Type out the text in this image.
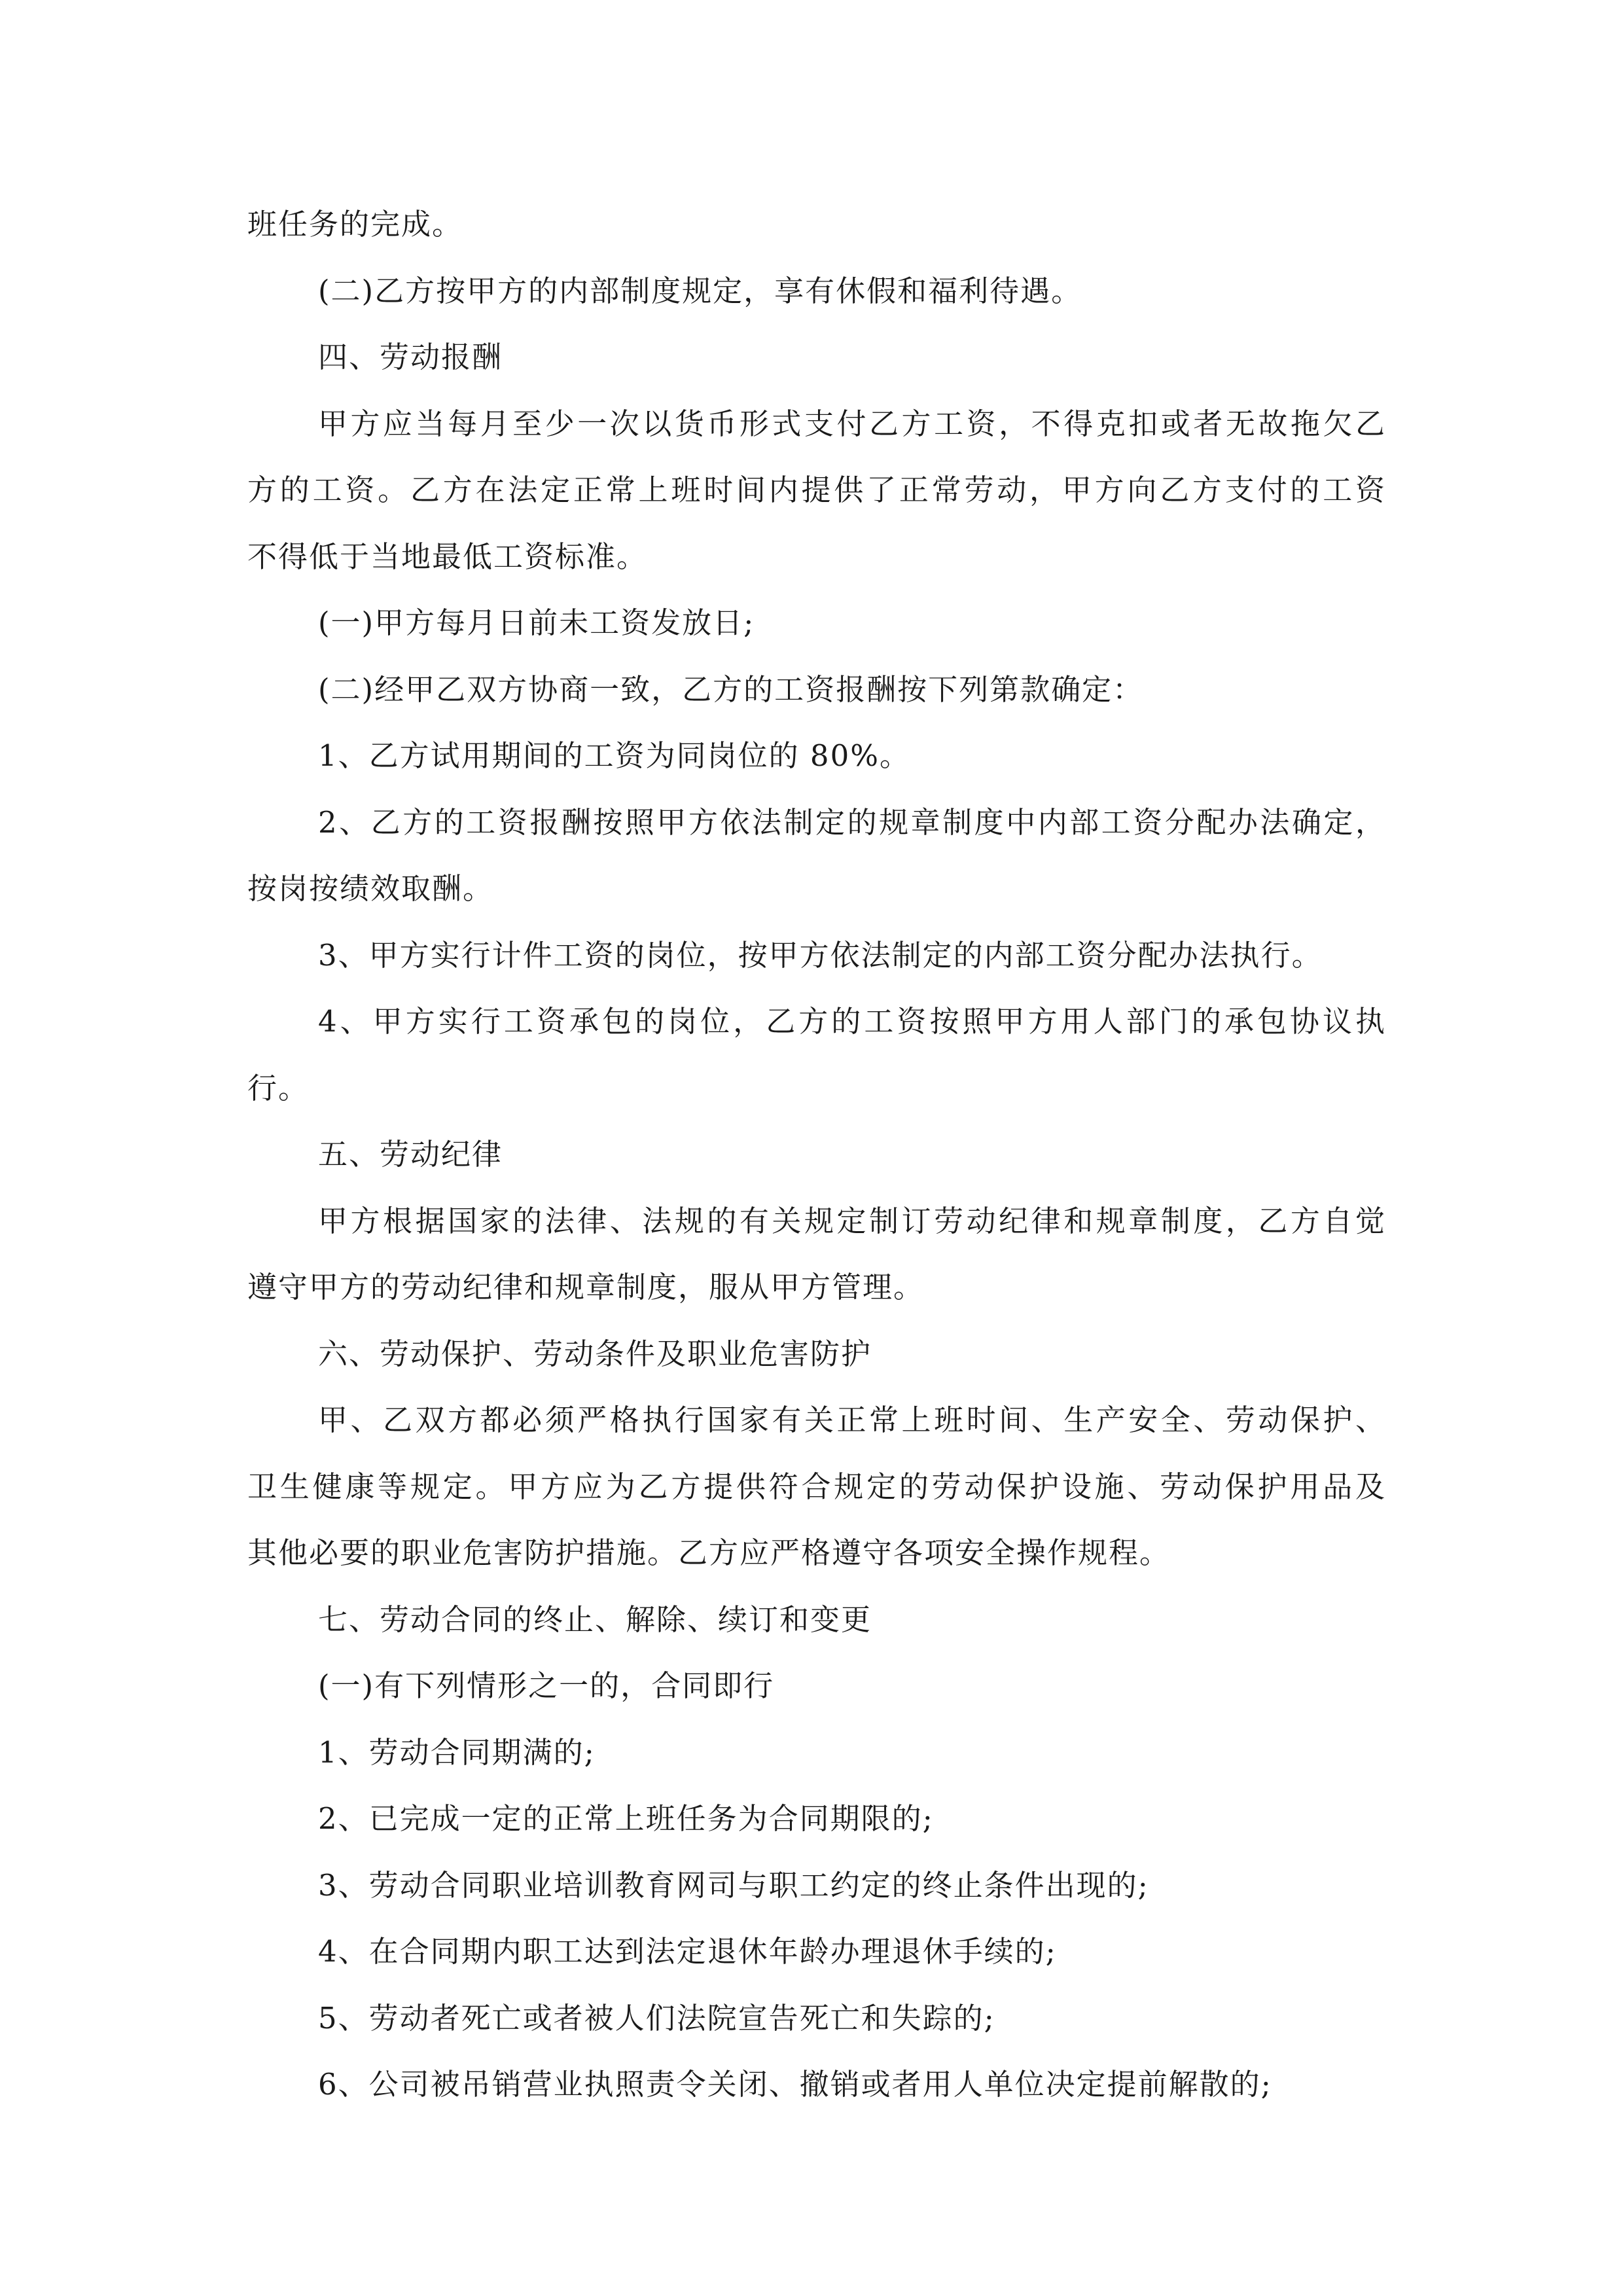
班任务的完成。
(二)乙方按甲方的内部制度规定，享有休假和福利待遇。
四、劳动报酬
甲方应当每月至少一次以货币形式支付乙方工资，不得克扣或者无故拖欠乙
方的工资。乙方在法定正常上班时间内提供了正常劳动，甲方向乙方支付的工资
不得低于当地最低工资标准。
(一)甲方每月日前未工资发放日;
(二)经甲乙双方协商一致，乙方的工资报酬按下列第款确定：
1、乙方试用期间的工资为同岗位的 80%。
2、乙方的工资报酬按照甲方依法制定的规章制度中内部工资分配办法确定，
按岗按绩效取酬。
3、甲方实行计件工资的岗位，按甲方依法制定的内部工资分配办法执行。
4、甲方实行工资承包的岗位，乙方的工资按照甲方用人部门的承包协议执
行。
五、劳动纪律
甲方根据国家的法律、法规的有关规定制订劳动纪律和规章制度，乙方自觉
遵守甲方的劳动纪律和规章制度，服从甲方管理。
六、劳动保护、劳动条件及职业危害防护
甲、乙双方都必须严格执行国家有关正常上班时间、生产安全、劳动保护、
卫生健康等规定。甲方应为乙方提供符合规定的劳动保护设施、劳动保护用品及
其他必要的职业危害防护措施。乙方应严格遵守各项安全操作规程。
七、劳动合同的终止、解除、续订和变更
(一)有下列情形之一的，合同即行
1、劳动合同期满的;
2、已完成一定的正常上班任务为合同期限的;
3、劳动合同职业培训教育网司与职工约定的终止条件出现的;
4、在合同期内职工达到法定退休年龄办理退休手续的;
5、劳动者死亡或者被人们法院宣告死亡和失踪的;
6、公司被吊销营业执照责令关闭、撤销或者用人单位决定提前解散的;
